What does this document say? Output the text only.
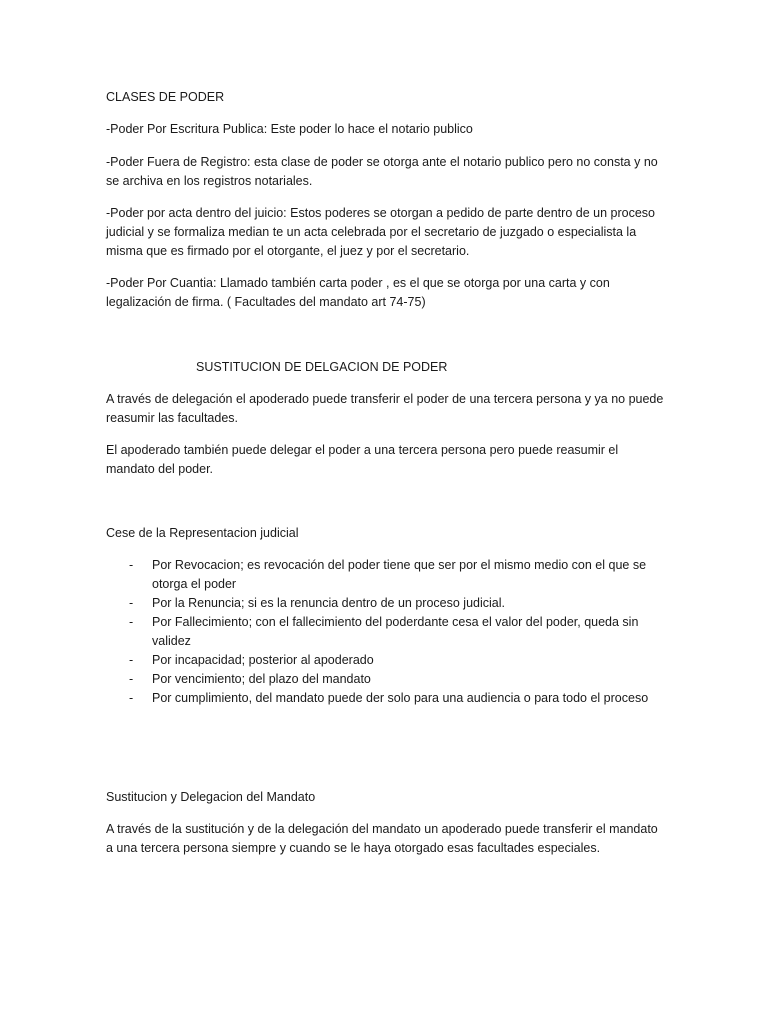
CLASES DE PODER

-Poder Por Escritura Publica: Este poder lo hace el notario publico

-Poder Fuera de Registro: esta clase de poder se otorga ante el notario publico pero no consta y no se archiva en los registros notariales.

-Poder por acta dentro del juicio: Estos poderes se otorgan a pedido de parte dentro de un proceso judicial y se formaliza median te un acta celebrada por el secretario de juzgado o especialista la misma que es firmado por el otorgante, el juez y por el secretario.

-Poder Por Cuantia: Llamado también carta poder , es el que se otorga por una carta y con legalización de firma. ( Facultades del mandato art 74-75)

SUSTITUCION DE DELGACION DE PODER

A través de delegación el apoderado puede transferir el poder de una tercera persona y ya no puede reasumir las facultades.

El apoderado también puede delegar el poder a una tercera persona pero puede reasumir el mandato del poder.

Cese de la Representacion judicial

- Por Revocacion; es revocación del poder tiene que ser por el mismo medio con el que se otorga el poder
- Por la Renuncia; si es la renuncia dentro de un proceso judicial.
- Por Fallecimiento; con el fallecimiento del poderdante cesa el valor del poder, queda sin validez
- Por incapacidad; posterior al apoderado
- Por vencimiento; del plazo del mandato
- Por cumplimiento, del mandato puede der solo para una audiencia o para todo el proceso

Sustitucion y Delegacion del Mandato

A través de la sustitución y de la delegación del mandato un apoderado puede transferir el mandato a una tercera persona siempre y cuando se le haya otorgado esas facultades especiales.
